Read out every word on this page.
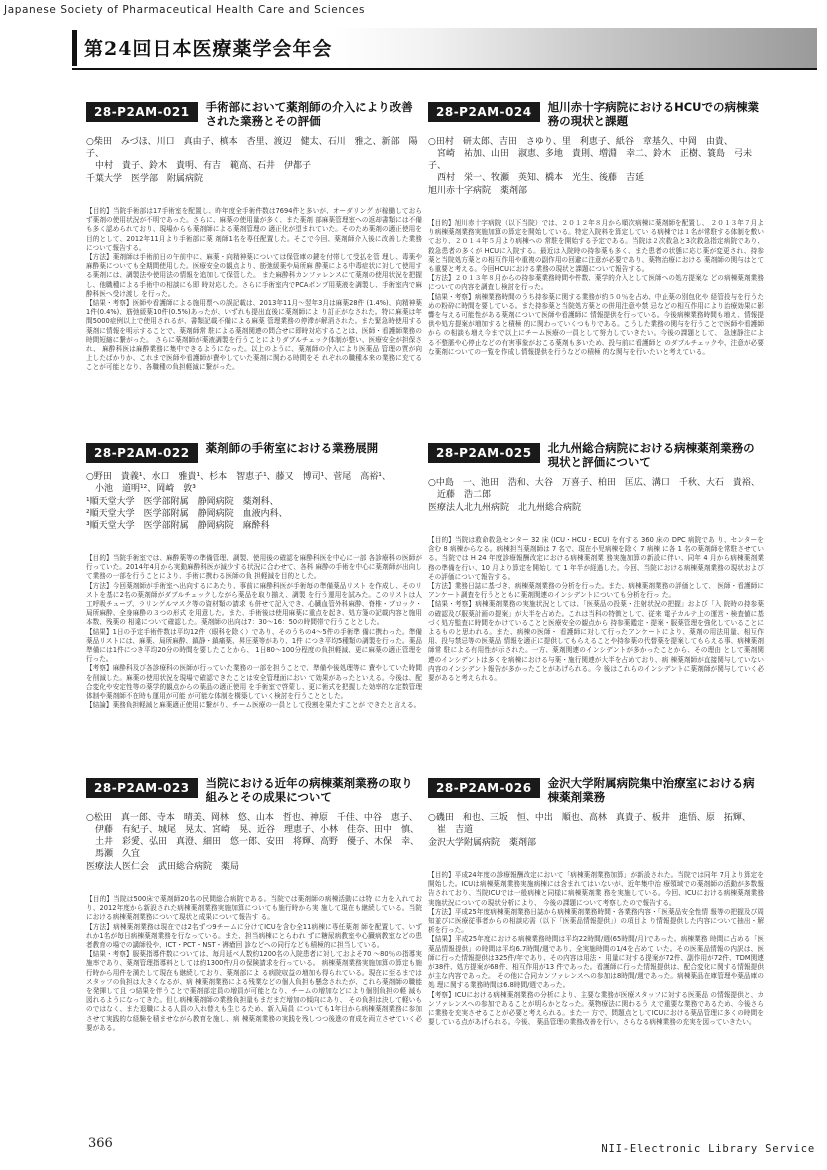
Japanese Society of Pharmaceutical Health Care and Sciences
第24回日本医療薬学会年会
28-P2AM-021	手術部において薬剤師の介入により改善された業務とその評価
○柴田　みづほ、川口　真由子、槙本　杏里、渡辺　健太、石川　雅之、新部　陽子、
　中村　貴子、鈴木　貴明、有吉　範高、石井　伊都子
千葉大学　医学部　附属病院

【目的】当院手術部は17手術室を配置し、昨年度全手術件数は7694件と多いが、オーダリング が稼働しておらず薬剤の使用状況が不明であった。さらに、麻薬の使用量が多く、また薬剤 部麻薬管理室への返却書類には不備も多く認められており、現場からも薬剤師による薬剤管理の 適正化が望まれていた。そのため薬剤の適正使用を目的として、2012年11月より手術部に薬 剤師1名を専任配置した。そこで今回、薬剤師介入後に改善した業務について報告する。

【方法】薬剤師は手術前日の午前中に、麻薬・向精神薬については保管庫の鍵を付帯して受払を管 理し、毒薬や麻酔薬についても全期間使用した。医療安全の観点より、筋弛緩薬や局所麻 酔薬による中毒症状に対して使用する薬剤には、調製法や使用法の情報を追加して保管した。 また麻酔科カンファレンスにて薬剤の使用状況を把握し、他職種による手術中の相談にも即 時対応した。さらに手術室内でPCAポンプ用薬液を調製し、手術室内で麻酔科医へ受け渡し を行った。

【結果・考察】医師や看護師による施用票への誤記載は、2013年11月〜翌年3月は麻薬28件 (1.4%)、向精神薬1件(0.4%)、筋弛緩薬10件(0.5%)あったが、いずれも提出直後に薬剤師によ り訂正がなされた。特に麻薬は年間5000症例以上で使用されるが、書類記載不備による麻薬 管理業務の停滞が解消された。また緊急時使用する薬剤に情報を明示することで、薬剤師常 駐による薬剤関連の問合せに即時対応することは、医師・看護師業務の時間短縮に繋がった。 さらに薬剤師が薬液調製を行うことによりダブルチェック体制が整い、医療安全が担保され、 麻酔科医は麻酔業務に集中できるようになった。以上のように、薬剤師の介入により医薬品 管理の質が向上したばかりか、これまで医師や看護師が費やしていた薬剤に関わる時間をそ れぞれの職種本来の業務に充てることが可能となり、各職種の負担軽減に繋がった。

28-P2AM-024	旭川赤十字病院におけるHCUでの病棟業務の現状と課題
○田村　研太郎、吉田　さゆり、里　利恵子、紙谷　章基久、中岡　由貴、
　宮崎　祐加、山田　淑恵、多地　貴則、増淵　幸二、鈴木　正樹、簑島　弓未子、
　西村　栄一、牧瀬　英知、橋本　光生、後藤　吉延
旭川赤十字病院　薬剤部

【目的】旭川赤十字病院（以下当院）では、２０１２年８月から順次病棟に薬剤師を配置し、 ２０１３年７月より病棟薬剤業務実施加算の算定を開始している。特定入院料を算定してい る病棟では１名が常駐する体制を敷いており、２０１４年５月より病棟への 常駐を開始する予定である。当院は２次救急と3次救急指定病院であり、救急患者の多くが HCUに入院する。最近は入院時の持参薬も多く、また患者の状態に応じ薬が変更され、持参 薬と当院処方薬との相互作用や重複の副作用の回避に注意が必要であり、薬物治療における 薬剤師の関与はとても重要と考える。今回HCUにおける業務の現状と課題について報告する。

【方法】２０１３年８月からの持参薬業務時間や件数、薬学的介入として医師への処方提案な どの病棟薬剤業務についての内容を調査し検討を行った。

【結果・考察】病棟業務時間のうち持参薬に関する業務が約５０％を占め、中止薬の別包化や 経管投与を行うための粉砕に時間を要している。また持参薬と当院処方薬との併用注意や禁 忌などの相互作用により治療効果に影響を与える可能性がある薬剤について医師や看護師に 情報提供を行っている。今後病棟業務時間も増え、情報提供や処方提案が増加すると積極 的に関わっていくつもりである。こうした業務の関与を行うことで医師や看護師から の相談も増え今まで以上にチーム医療の一員として努力していきたい。今後の課題として、 急速静注による不整脈や心停止などの有害事象がおこる薬剤も多いため、投与前に看護師と のダブルチェックや、注意が必要な薬剤についての一覧を作成し情報提供を行うなどの積極 的な関与を行いたいと考えている。

28-P2AM-022	薬剤師の手術室における業務展開
○野田　貴義¹、水口　雅貴¹、杉本　智恵子¹、藤又　博司¹、菅尾　高裕¹、
　小池　道明¹²、岡崎　敦³
¹順天堂大学　医学部附属　静岡病院　薬剤科、
²順天堂大学　医学部附属　静岡病院　血液内科、
³順天堂大学　医学部附属　静岡病院　麻酔科

【目的】当院手術室では、麻酔薬等の準備管理、調製、使用後の確認を麻酔科医を中心に一部 各診療科の医師が行っていた。2014年4月から実動麻酔科医が減少する状況に合わせて、各科 麻酔の手術を中心に薬剤師が出向して業務の一部を行うことにより、手術に携わる医師の負 担軽減を目的とした。

【方法】今回薬剤師が手術室へ出向するにあたり、事前に麻酔科医が手術毎の準備薬品リスト を作成し、そのリストを基に2名の薬剤師がダブルチェックしながら薬品を取り揃え、調製 を行う運用を試みた。このリストは人工呼吸チューブ、ラリンゲルマスク等の資材類の請求 も併せて記入でき、心臓血管外科麻酔、脊椎・ブロック・局所麻酔、全身麻酔の３つの形式 を用意した。また、手術後は使用麻薬に重点を起き、処方箋の記載内容と施用本数、残薬の 相違について確認した。薬剤師の出向は7：30〜16：50の時間帯で行うこととした。

【結果】1日の予定手術件数は平均12件（眼科を除く）であり、そのうちの4〜5件の手術準 備に携わった。準備薬品リストには、麻薬、局所麻酔、鎮静・鎮痛薬、昇圧薬等があり、1件 につき平均5種類の調製を行った。薬品準備には1件につき平均20分の時間を要したことから、 1日80〜100分程度の負担軽減、更に麻薬の適正管理を行った。

【考察】麻酔科及び各診療科の医師が行っていた業務の一部を担うことで、準備や後処理等に 費やしていた時間を削減した。麻薬の使用状況を現場で確認できたことは安全管理面におい て効果があったといえる。今後は、配合変化や安定性等の薬学的観点からの薬品の適正使用 を手術室で啓蒙し、更に術式を把握した効率的な定数管理体制や薬剤師不在時も運用が可能 が可能な体制を構築していく検討を行うこととした。

【結論】薬務負担軽減と麻薬適正使用に繋がり、チーム医療の一員として役割を果たすことが できたと言える。

28-P2AM-025	北九州総合病院における病棟薬剤業務の現状と評価について
○中島　一、池田　浩和、大谷　万喜子、柏田　匡広、溝口　千秋、大石　貴裕、
　近藤　浩二郎
医療法人北九州病院　北九州総合病院

【目的】当院は救命救急センター 32 床 (ICU・HCU・ECU) を有する 360 床の DPC 病院であ り、センターを含む 8 病棟からなる。病棟担当薬剤師は 7 名で、現在小児病棟を除く 7 病棟 に各 1 名の薬剤師を常駐させている。当院では H 24 年度診療報酬改定における病棟薬剤業 務実施加算の新設に伴い、同年 4 月から病棟薬剤業務の準備を行い、10 月より算定を開始し て 1 年半が経過した。今回、当院における病棟薬剤業務の現状およびその評価について報告する。

【方法】業務日誌に基づき、病棟薬剤業務の分析を行った。また、病棟薬剤業務の評価として、 医師・看護師にアンケート調査を行うとともに薬剤関連のインシデントについても分析を行っ た。

【結果・考察】病棟薬剤業務の実施状況としては、「医薬品の投薬・注射状況の把握」および「入 院時の持参薬の確認及び服薬計画の提案」が大半を占めた。これは当科の特徴として、従来 電子カルテ上の運営・検査値に基づく処方監査に時間をかけていることと医療安全の観点から 持参薬鑑定・提案・服薬管理を強化していることによるものと思われる。また、病棟の医師・ 看護師に対して行ったアンケートにより、薬剤の用法用量、相互作用、投与禁忌等の医薬品 情報を適正に提供してもらえることや持参薬の代替薬を提案してもらえる事、病棟薬剤師常 駐による有用性が示された。一方、薬剤関連のインシデントが多かったことから、その理由 として薬剤関連のインシデントは多くを病棟における与薬・施行関連が大半を占めており、病 棟薬剤師が直接関与していない内容のインシデント報告が多かったことがあげられる。今 後はこれらのインシデントに薬剤師が関与していく必要があると考えられる。

28-P2AM-023	当院における近年の病棟薬剤業務の取り組みとその成果について
○松田　真一郎、寺本　晴美、岡林　悠、山本　哲也、神原　千佳、中谷　恵子、
　伊藤　有紀子、城尾　晃太、宮崎　晃、近谷　理恵子、小林　佳奈、田中　慎、
　土井　彩愛、弘田　真澄、細田　悠一郎、安田　将輝、高野　優子、木保　幸、
　馬瀬　久宜
医療法人医仁会　武田総合病院　薬局

【目的】当院は500床で薬剤師20名の民間総合病院である。当院では薬剤師の病棟活動には特 に力を入れており、2012年度から新設された病棟薬剤業務実施加算についても施行時から実 施して現在も継続している。当院における病棟薬剤業務について現状と成果について報告す る。

【方法】病棟薬剤業務は現在では2名ずつ9チームに分けてICUを含む全11病棟に専任薬剤 師を配置して、いずれか1名が毎日病棟薬剤業務を行なっている。また、担当病棟にとらわれ ずに糖尿病教室や心臓病教室などの患者教育の場での講師役や、ICT・PCT・NST・褥瘡回 診などへの同行なども積極的に担当している。

【結果・考察】服薬指導件数については、毎月延べ人数約1200名の入院患者に対しておよそ70 〜80％の指導実施率であり、薬剤管理指導料としては約1300件/月の保険請求を行っている。 病棟薬剤業務実施加算の算定も施行時から用件を満たして現在も継続しており、薬剤部によ る病院収益の増加も得られている。現在に至るまではスタッフの負担は大きくなるが、病 棟薬剤業務による残業などの個人負担も懸念されたが、これら薬剤師の職能を発揮して且 つ結果を伴うことで薬剤部定員の増員が可能となり、チームの増加などにより個別負担の軽 減も図れるようになってきた。但し病棟薬剤師の業務負担量もまだまだ増加の傾向にあり、 その負担は決して軽いものではなく、また退職による人員の入れ替えも生じるため、新入局員 についても1年目から病棟薬剤業務に参加させて実践的な経験を積ませながら教育を施し、病 棟薬剤業務の実践を残しつつ後進の育成を両立させていく必要がある。

28-P2AM-026	金沢大学附属病院集中治療室における病棟薬剤業務
○磯田　和也、三坂　恒、中出　順也、高林　真貴子、板井　進悟、原　拓輝、
　崔　吉道
金沢大学附属病院　薬剤部

【目的】平成24年度の診療報酬改定において「病棟薬剤業務加算」が新設された。当院では同年 7月より算定を開始した。ICUは病棟薬剤業務実施病棟には含まれてはいないが、近年集中治 療領域での薬剤師の活動が多数報告されており、当院ICUでは一般病棟と同様に病棟薬剤業 務を実施している。今回、ICUにおける病棟薬剤業務実施状況についての現状分析により、 今後の課題について考察したので報告する。

【方法】平成25年度病棟薬剤業務日誌から病棟薬剤業務時間・各業務内容・「医薬品安全性情 報等の把握及び周知並びに医療従事者からの相談応需（以下「医薬品情報提供」）の項目よ り情報提供した内容について抽出・解析を行った。

【結果】平成25年度における病棟業務時間は平均22時間/週(65時間/月)であった。病棟業務 時間に占める「医薬品情報提供」の時間は平均6.7時間/週であり、全実施時間の1/4を占めて いた。その医薬品情報の内訳は、医師に行った情報提供は325件/年であり、その内容は用法・ 用量に対する提案が72件、副作用が72件、TDM関連が38件、処方提案が68件、相互作用が13 件であった。看護師に行った情報提供は、配合変化に関する情報提供が主な内容であった。 その他に合同カンファレンスへの参加は8時間/週であった。病棟薬品在庫管理や薬品庫の処 理に関する業務時間は6.8時間/週であった。

【考察】ICUにおける病棟薬剤業務の分析により、主要な業務が医療スタッフに対する医薬品 の情報提供と、カンファレンスへの参加であることが明らかとなった。薬物療法に関わるう えで重要な業務であるため、今後さらに業務を充実させることが必要と考えられる。また一 方で、問題点としてICUにおける薬品管理に多くの時間を要している点があげられる。今後、 薬品管理の業務改善を行い、さらなる病棟業務の充実を図っていきたい。

366	NII-Electronic Library Service
